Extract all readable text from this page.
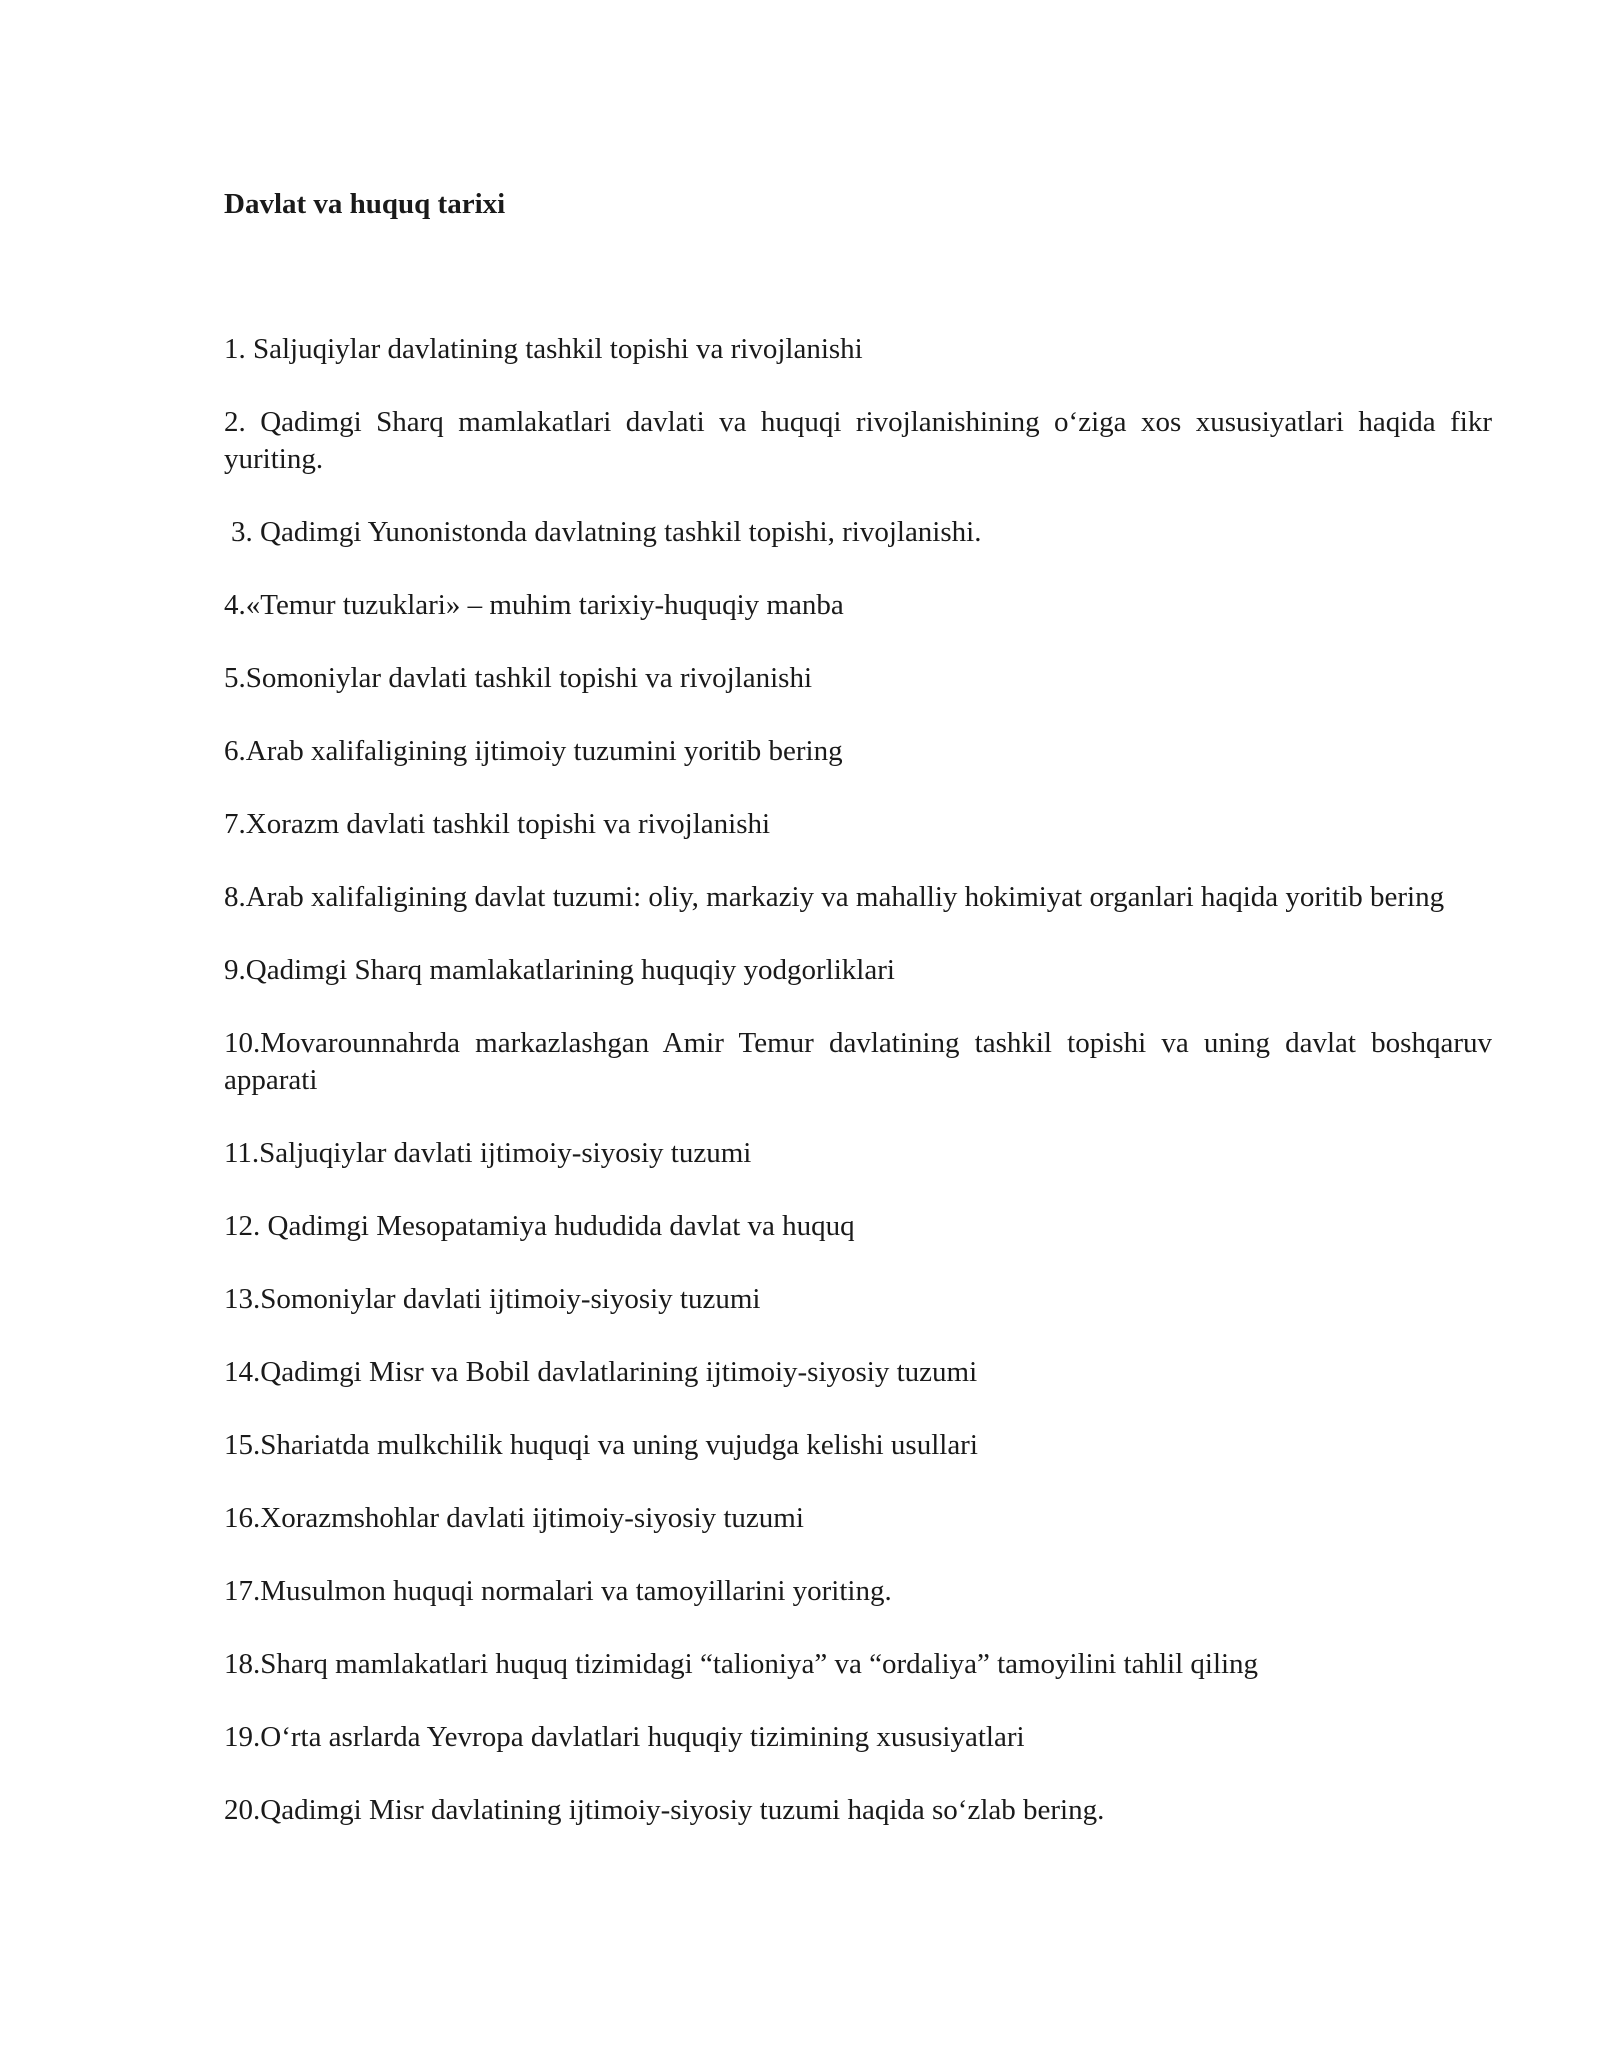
Davlat va huquq tarixi
1. Saljuqiylar davlatining tashkil topishi va rivojlanishi
2. Qadimgi Sharq mamlakatlari davlati va huquqi rivojlanishining o‘ziga xos xususiyatlari haqida fikr yuriting.
3. Qadimgi Yunonistonda davlatning tashkil topishi, rivojlanishi.
4.«Temur tuzuklari» – muhim tarixiy-huquqiy manba
5.Somoniylar davlati tashkil topishi va rivojlanishi
6.Arab xalifaligining ijtimoiy tuzumini yoritib bering
7.Xorazm davlati tashkil topishi va rivojlanishi
8.Arab xalifaligining davlat tuzumi: oliy, markaziy va mahalliy hokimiyat organlari haqida yoritib bering
9.Qadimgi Sharq mamlakatlarining huquqiy yodgorliklari
10.Movarounnahrda markazlashgan Amir Temur davlatining tashkil topishi va uning davlat boshqaruv apparati
11.Saljuqiylar davlati ijtimoiy-siyosiy tuzumi
12. Qadimgi Mesopatamiya hududida davlat va huquq
13.Somoniylar davlati ijtimoiy-siyosiy tuzumi
14.Qadimgi Misr va Bobil davlatlarining ijtimoiy-siyosiy tuzumi
15.Shariatda mulkchilik huquqi va uning vujudga kelishi usullari
16.Xorazmshohlar davlati ijtimoiy-siyosiy tuzumi
17.Musulmon huquqi normalari va tamoyillarini yoriting.
18.Sharq mamlakatlari huquq tizimidagi “talioniya” va “ordaliya” tamoyilini tahlil qiling
19.O‘rta asrlarda Yevropa davlatlari huquqiy tizimining xususiyatlari
20.Qadimgi Misr davlatining ijtimoiy-siyosiy tuzumi haqida so‘zlab bering.
